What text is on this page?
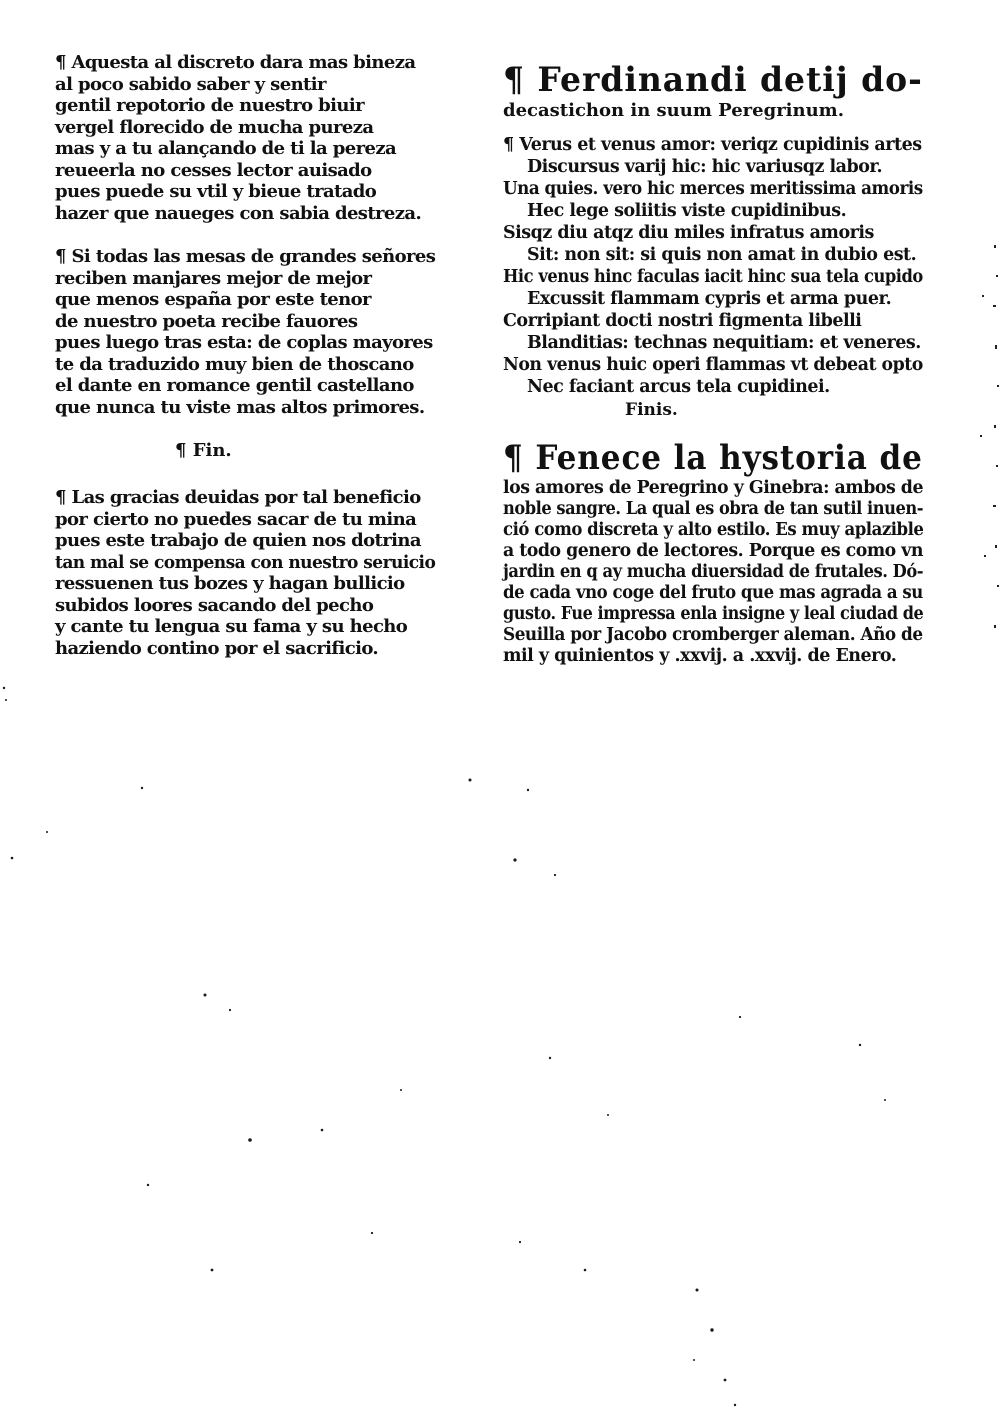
¶ Aquesta al discreto dara mas bineza
al poco sabido saber y sentir
gentil repotorio de nuestro biuir
vergel florecido de mucha pureza
mas y a tu alançando de ti la pereza
reueerla no cesses lector auisado
pues puede su vtil y bieue tratado
hazer que naueges con sabia destreza.
¶ Si todas las mesas de grandes señores
reciben manjares mejor de mejor
que menos españa por este tenor
de nuestro poeta recibe fauores
pues luego tras esta: de coplas mayores
te da traduzido muy bien de thoscano
el dante en romance gentil castellano
que nunca tu viste mas altos primores.
¶ Fin.
¶ Las gracias deuidas por tal beneficio
por cierto no puedes sacar de tu mina
pues este trabajo de quien nos dotrina
tan mal se compensa con nuestro seruicio
ressuenen tus bozes y hagan bullicio
subidos loores sacando del pecho
y cante tu lengua su fama y su hecho
haziendo contino por el sacrificio.
¶ Ferdinandi detij do-
decastichon in suum Peregrinum.
¶ Verus et venus amor: veriqz cupidinis artes
Discursus varij hic: hic variusqz labor.
Una quies. vero hic merces meritissima amoris
Hec lege soliitis viste cupidinibus.
Sisqz diu atqz diu miles infratus amoris
Sit: non sit: si quis non amat in dubio est.
Hic venus hinc faculas iacit hinc sua tela cupido
Excussit flammam cypris et arma puer.
Corripiant docti nostri figmenta libelli
Blanditias: technas nequitiam: et veneres.
Non venus huic operi flammas vt debeat opto
Nec faciant arcus tela cupidinei.
Finis.
¶ Fenece la hystoria de
los amores de Peregrino y Ginebra: ambos de
noble sangre. La qual es obra de tan sutil inuen-
ció como discreta y alto estilo. Es muy aplazible
a todo genero de lectores. Porque es como vn
jardin en q ay mucha diuersidad de frutales. Dó-
de cada vno coge del fruto que mas agrada a su
gusto. Fue impressa enla insigne y leal ciudad de
Seuilla por Jacobo cromberger aleman. Año de
mil y quinientos y .xxvij. a .xxvij. de Enero.
